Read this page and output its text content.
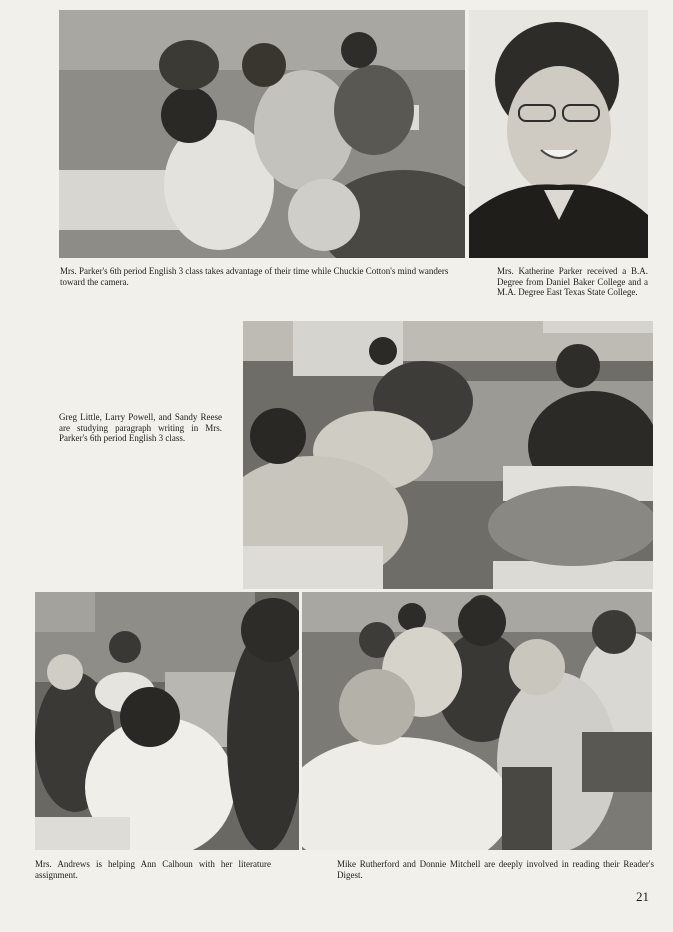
Mrs. Parker's 6th period English 3 class takes advantage of their time while Chuckie Cotton's mind wanders toward the camera.

Mrs. Katherine Parker received a B.A. Degree from Daniel Baker College and a M.A. Degree East Texas State College.

Greg Little, Larry Powell, and Sandy Reese are studying paragraph writing in Mrs. Parker's 6th period English 3 class.

Mrs. Andrews is helping Ann Calhoun with her literature assignment.

Mike Rutherford and Donnie Mitchell are deeply involved in reading their Reader's Digest.

21
